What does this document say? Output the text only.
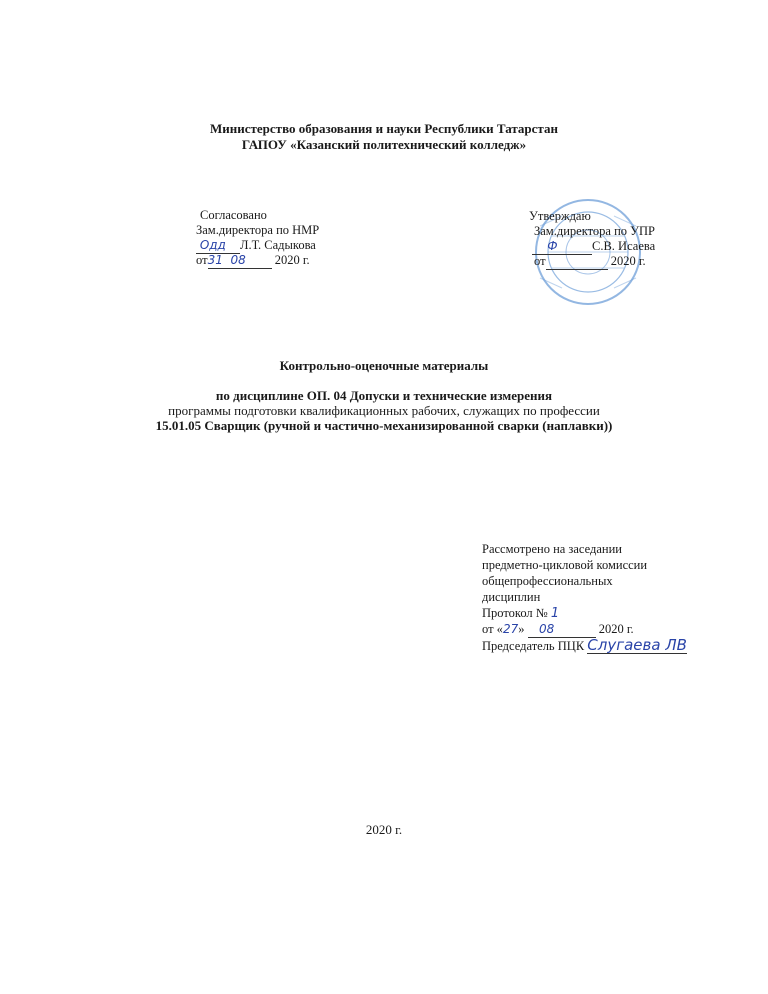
Министерство образования и науки Республики Татарстан
ГАПОУ «Казанский политехнический колледж»
Согласовано
Зам.директора по НМР
Одд Л.Т. Садыкова
от31 08 2020 г.
Утверждаю
Зам.директора по УПР
Ф	С.В. Исаева
от	2020 г.
Контрольно-оценочные материалы
по дисциплине ОП. 04 Допуски и технические измерения
программы подготовки квалификационных рабочих, служащих по профессии
15.01.05 Сварщик (ручной и частично-механизированной сварки (наплавки))
Рассмотрено на заседании
предметно-цикловой комиссии
общепрофессиональных
дисциплин
Протокол № 1
от «27» 08	2020 г.
Председатель ПЦК Слугаева ЛВ
2020 г.
